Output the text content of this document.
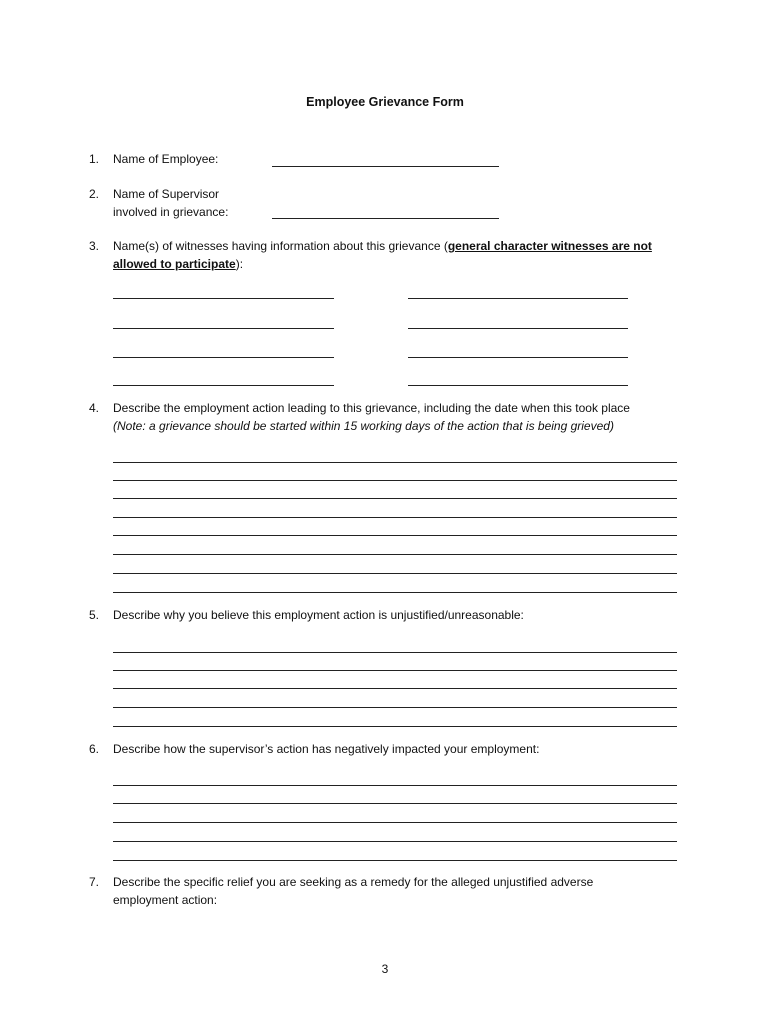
Employee Grievance Form
1.	Name of Employee:
2.	Name of Supervisor
involved in grievance:
3.	Name(s) of witnesses having information about this grievance (general character witnesses are not
allowed to participate):
4.	Describe the employment action leading to this grievance, including the date when this took place
(Note: a grievance should be started within 15 working days of the action that is being grieved)
5.	Describe why you believe this employment action is unjustified/unreasonable:
6.	Describe how the supervisor’s action has negatively impacted your employment:
7.	Describe the specific relief you are seeking as a remedy for the alleged unjustified adverse
employment action:
3
